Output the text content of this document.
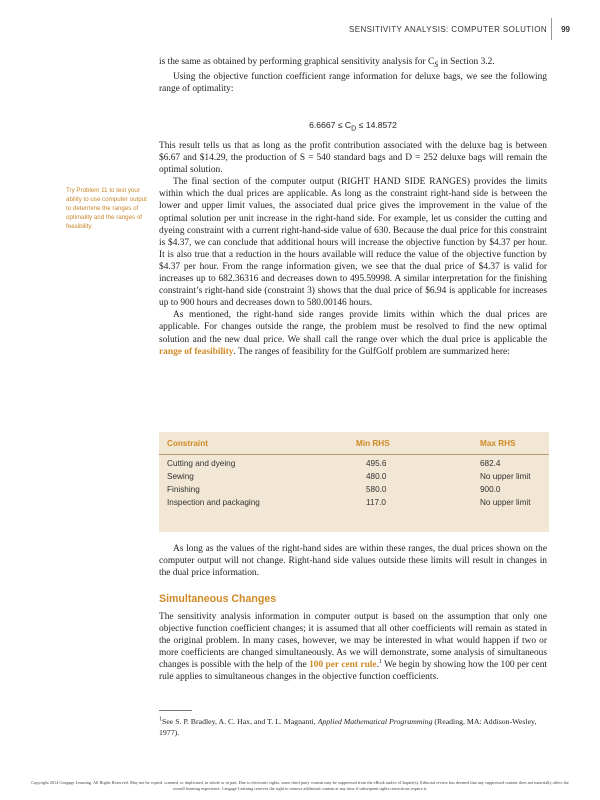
SENSITIVITY ANALYSIS: COMPUTER SOLUTION 99

is the same as obtained by performing graphical sensitivity analysis for $C_S$ in Section 3.2.

Using the objective function coefficient range information for deluxe bags, we see the following range of optimality:

$6.6667 \le C_D \le 14.8572$

This result tells us that as long as the profit contribution associated with the deluxe bag is between $6.67 and $14.29, the production of S = 540 standard bags and D = 252 deluxe bags will remain the optimal solution.

The final section of the computer output (RIGHT HAND SIDE RANGES) provides the limits within which the dual prices are applicable. As long as the constraint right-hand side is between the lower and upper limit values, the associated dual price gives the improvement in the value of the optimal solution per unit increase in the right-hand side. For example, let us consider the cutting and dyeing constraint with a current right-hand-side value of 630. Because the dual price for this constraint is $4.37, we can conclude that additional hours will increase the objective function by $4.37 per hour. It is also true that a reduction in the hours available will reduce the value of the objective function by $4.37 per hour. From the range information given, we see that the dual price of $4.37 is valid for increases up to 682.36316 and decreases down to 495.59998. A similar interpretation for the finishing constraint’s right-hand side (constraint 3) shows that the dual price of $6.94 is applicable for increases up to 900 hours and decreases down to 580.00146 hours.

As mentioned, the right-hand side ranges provide limits within which the dual prices are applicable. For changes outside the range, the problem must be resolved to find the new optimal solution and the new dual price. We shall call the range over which the dual price is applicable the range of feasibility. The ranges of feasibility for the GulfGolf problem are summarized here:

Try Problem 11 to test your ability to use computer output to determine the ranges of optimality and the ranges of feasibility.
Constraint	Min RHS	Max RHS
Cutting and dyeing	495.6	682.4
Sewing	480.0	No upper limit
Finishing	580.0	900.0
Inspection and packaging	117.0	No upper limit

As long as the values of the right-hand sides are within these ranges, the dual prices shown on the computer output will not change. Right-hand side values outside these limits will result in changes in the dual price information.

Simultaneous Changes

The sensitivity analysis information in computer output is based on the assumption that only one objective function coefficient changes; it is assumed that all other coefficients will remain as stated in the original problem. In many cases, however, we may be interested in what would happen if two or more coefficients are changed simultaneously. As we will demonstrate, some analysis of simultaneous changes is possible with the help of the 100 per cent rule.$^1$ We begin by showing how the 100 per cent rule applies to simultaneous changes in the objective function coefficients.

$^1$See S. P. Bradley, A. C. Hax, and T. L. Magnanti, Applied Mathematical Programming (Reading, MA: Addison-Wesley, 1977).
Copyright 2014 Cengage Learning. All Rights Reserved. May not be copied, scanned, or duplicated, in whole or in part. Due to electronic rights, some third party content may be suppressed from the eBook and/or eChapter(s). Editorial review has deemed that any suppressed content does not materially affect the overall learning experience. Cengage Learning reserves the right to remove additional content at any time if subsequent rights restrictions require it.
